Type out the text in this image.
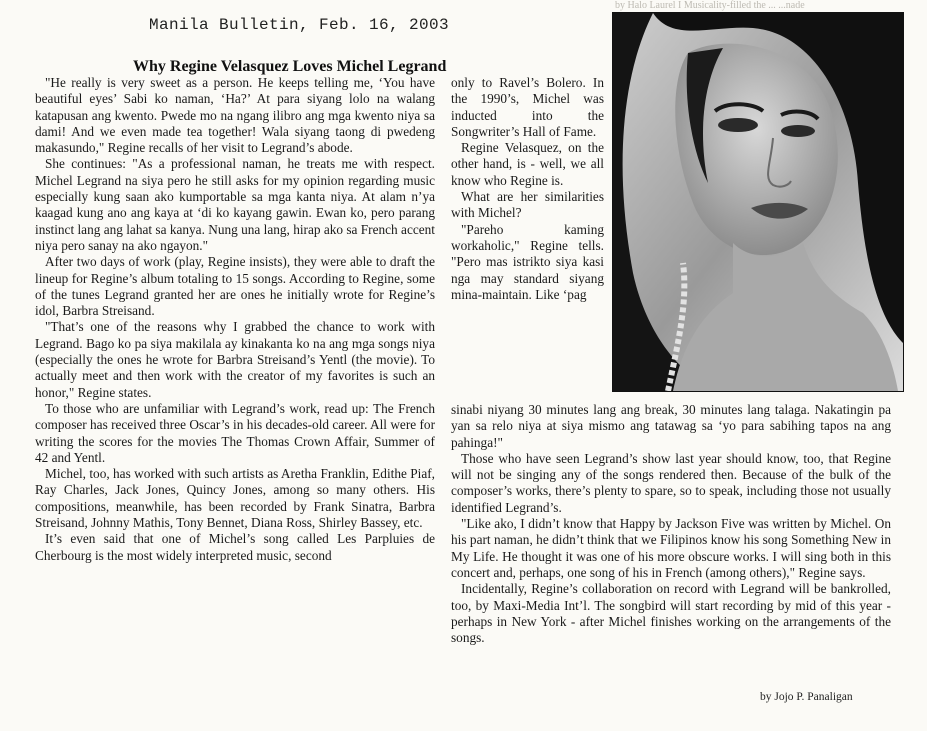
by Halo Laurel I Musicality-filled the ... ...nade
Manila Bulletin, Feb. 16, 2003
Why Regine Velasquez Loves Michel Legrand

"He really is very sweet as a person. He keeps telling me, ‘You have beautiful eyes’ Sabi ko naman, ‘Ha?’ At para siyang lolo na walang katapusan ang kwento. Pwede mo na ngang ilibro ang mga kwento niya sa dami! And we even made tea together! Wala siyang taong di pwedeng makasundo," Regine recalls of her visit to Legrand’s abode.

She continues: "As a professional naman, he treats me with respect. Michel Legrand na siya pero he still asks for my opinion regarding music especially kung saan ako kumportable sa mga kanta niya. At alam n’ya kaagad kung ano ang kaya at ‘di ko kayang gawin. Ewan ko, pero parang instinct lang ang lahat sa kanya. Nung una lang, hirap ako sa French accent niya pero sanay na ako ngayon."

After two days of work (play, Regine insists), they were able to draft the lineup for Regine’s album totaling to 15 songs. According to Regine, some of the tunes Legrand granted her are ones he initially wrote for Regine’s idol, Barbra Streisand.

"That’s one of the reasons why I grabbed the chance to work with Legrand. Bago ko pa siya makilala ay kinakanta ko na ang mga songs niya (especially the ones he wrote for Barbra Streisand’s Yentl (the movie). To actually meet and then work with the creator of my favorites is such an honor," Regine states.

To those who are unfamiliar with Legrand’s work, read up: The French composer has received three Oscar’s in his decades-old career. All were for writing the scores for the movies The Thomas Crown Affair, Summer of 42 and Yentl.

Michel, too, has worked with such artists as Aretha Franklin, Edithe Piaf, Ray Charles, Jack Jones, Quincy Jones, among so many others. His compositions, meanwhile, has been recorded by Frank Sinatra, Barbra Streisand, Johnny Mathis, Tony Bennet, Diana Ross, Shirley Bassey, etc.

It’s even said that one of Michel’s song called Les Parpluies de Cherbourg is the most widely interpreted music, second

only to Ravel’s Bolero. In the 1990’s, Michel was inducted into the Songwriter’s Hall of Fame.

Regine Velasquez, on the other hand, is - well, we all know who Regine is.

What are her similarities with Michel?

"Pareho kaming workaholic," Regine tells. "Pero mas istrikto siya kasi nga may standard siyang mina-maintain. Like ‘pag

sinabi niyang 30 minutes lang ang break, 30 minutes lang talaga. Nakatingin pa yan sa relo niya at siya mismo ang tatawag sa ‘yo para sabihing tapos na ang pahinga!"

Those who have seen Legrand’s show last year should know, too, that Regine will not be singing any of the songs rendered then. Because of the bulk of the composer’s works, there’s plenty to spare, so to speak, including those not usually identified Legrand’s.

"Like ako, I didn’t know that Happy by Jackson Five was written by Michel. On his part naman, he didn’t think that we Filipinos know his song Something New in My Life. He thought it was one of his more obscure works. I will sing both in this concert and, perhaps, one song of his in French (among others)," Regine says.

Incidentally, Regine’s collaboration on record with Legrand will be bankrolled, too, by Maxi-Media Int’l. The songbird will start recording by mid of this year - perhaps in New York - after Michel finishes working on the arrangements of the songs.

by Jojo P. Panaligan
